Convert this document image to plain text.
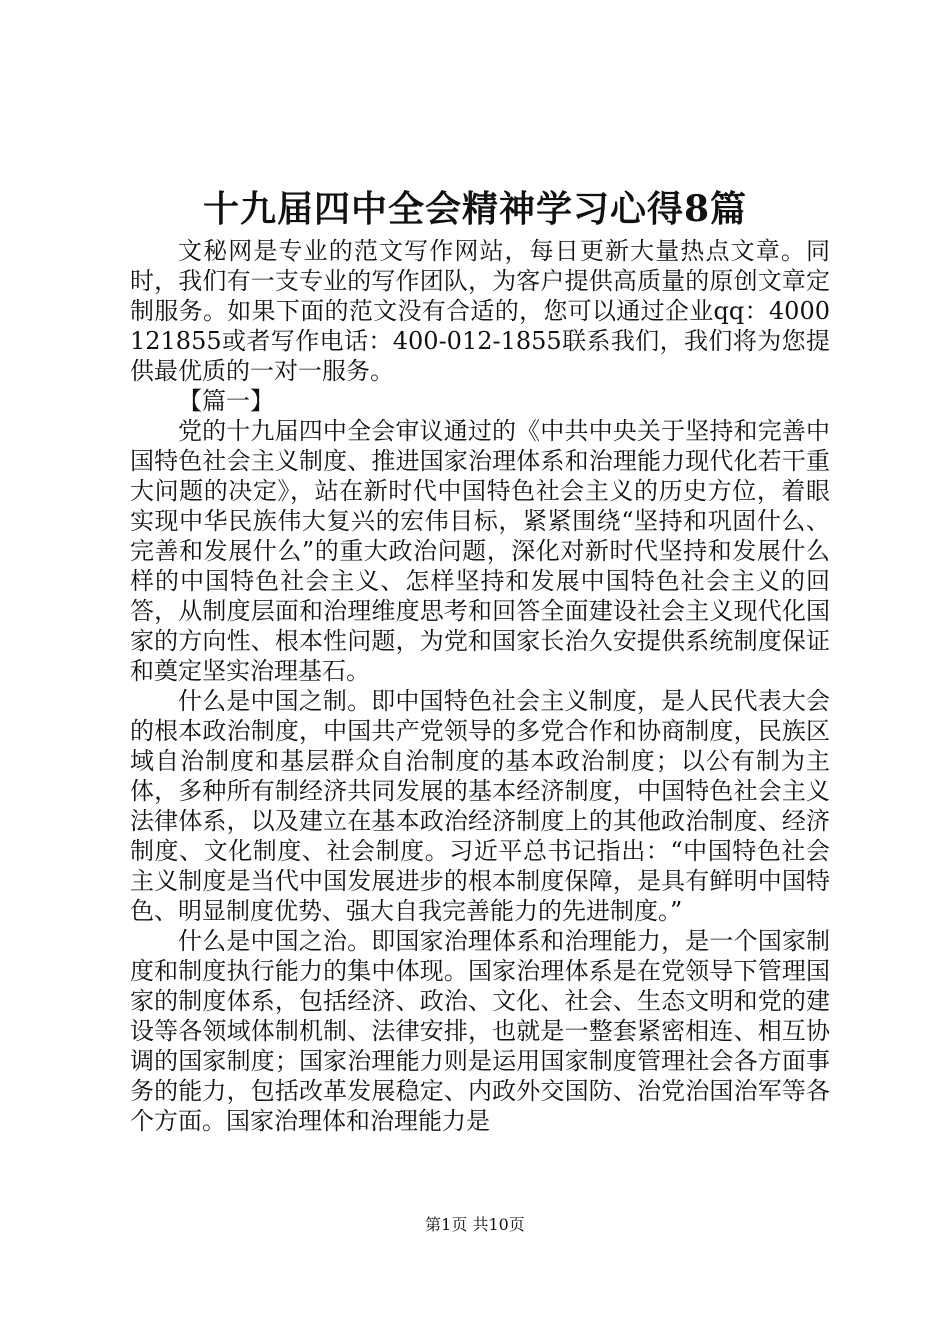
十九届四中全会精神学习心得8篇

文秘网是专业的范文写作网站，每日更新大量热点文章。同时，我们有一支专业的写作团队，为客户提供高质量的原创文章定制服务。如果下面的范文没有合适的，您可以通过企业qq：4000121855或者写作电话：400-012-1855联系我们，我们将为您提供最优质的一对一服务。

【篇一】

党的十九届四中全会审议通过的《中共中央关于坚持和完善中国特色社会主义制度、推进国家治理体系和治理能力现代化若干重大问题的决定》，站在新时代中国特色社会主义的历史方位，着眼实现中华民族伟大复兴的宏伟目标，紧紧围绕“坚持和巩固什么、完善和发展什么”的重大政治问题，深化对新时代坚持和发展什么样的中国特色社会主义、怎样坚持和发展中国特色社会主义的回答，从制度层面和治理维度思考和回答全面建设社会主义现代化国家的方向性、根本性问题，为党和国家长治久安提供系统制度保证和奠定坚实治理基石。

什么是中国之制。即中国特色社会主义制度，是人民代表大会的根本政治制度，中国共产党领导的多党合作和协商制度，民族区域自治制度和基层群众自治制度的基本政治制度；以公有制为主体，多种所有制经济共同发展的基本经济制度，中国特色社会主义法律体系，以及建立在基本政治经济制度上的其他政治制度、经济制度、文化制度、社会制度。习近平总书记指出：“中国特色社会主义制度是当代中国发展进步的根本制度保障，是具有鲜明中国特色、明显制度优势、强大自我完善能力的先进制度。”

什么是中国之治。即国家治理体系和治理能力，是一个国家制度和制度执行能力的集中体现。国家治理体系是在党领导下管理国家的制度体系，包括经济、政治、文化、社会、生态文明和党的建设等各领域体制机制、法律安排，也就是一整套紧密相连、相互协调的国家制度；国家治理能力则是运用国家制度管理社会各方面事务的能力，包括改革发展稳定、内政外交国防、治党治国治军等各个方面。国家治理体和治理能力是

第1页 共10页
